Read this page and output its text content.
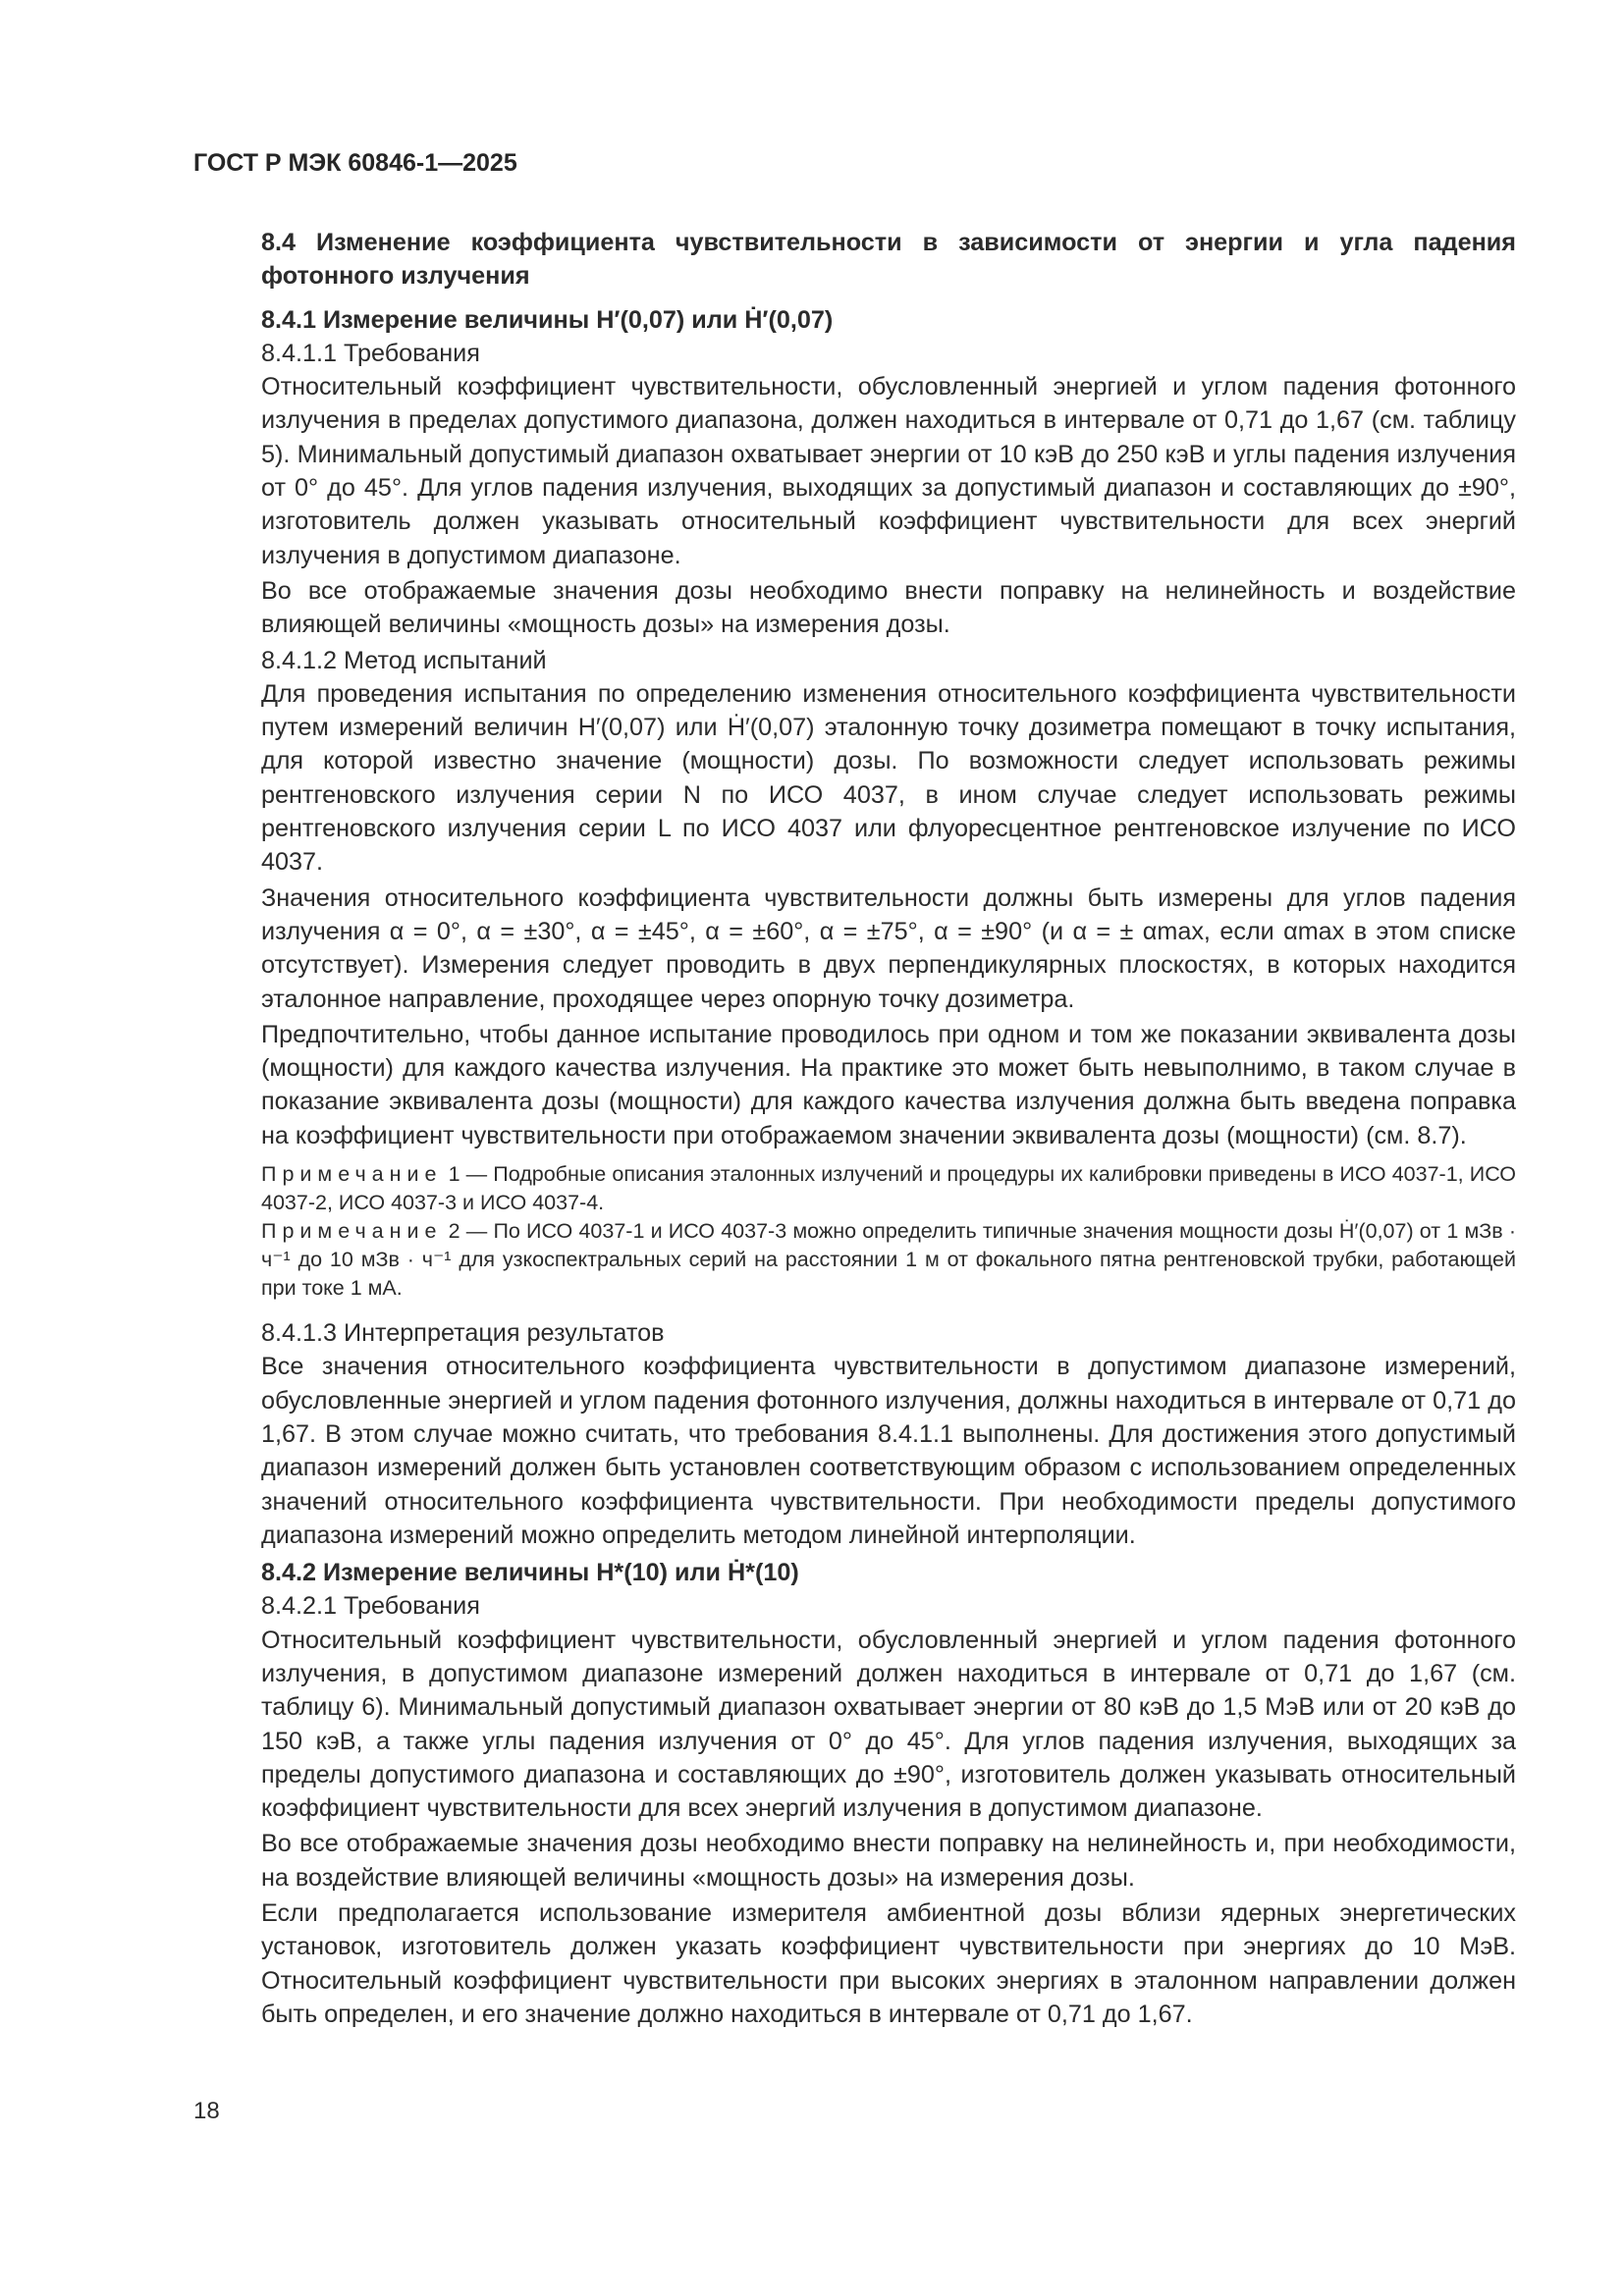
ГОСТ Р МЭК 60846-1—2025

8.4 Изменение коэффициента чувствительности в зависимости от энергии и угла падения фотонного излучения

8.4.1 Измерение величины H′(0,07) или Ḣ′(0,07)

8.4.1.1 Требования

Относительный коэффициент чувствительности, обусловленный энергией и углом падения фотонного излучения в пределах допустимого диапазона, должен находиться в интервале от 0,71 до 1,67 (см. таблицу 5). Минимальный допустимый диапазон охватывает энергии от 10 кэВ до 250 кэВ и углы падения излучения от 0° до 45°. Для углов падения излучения, выходящих за допустимый диапазон и составляющих до ±90°, изготовитель должен указывать относительный коэффициент чувствительности для всех энергий излучения в допустимом диапазоне.

Во все отображаемые значения дозы необходимо внести поправку на нелинейность и воздействие влияющей величины «мощность дозы» на измерения дозы.

8.4.1.2 Метод испытаний

Для проведения испытания по определению изменения относительного коэффициента чувствительности путем измерений величин H′(0,07) или Ḣ′(0,07) эталонную точку дозиметра помещают в точку испытания, для которой известно значение (мощности) дозы. По возможности следует использовать режимы рентгеновского излучения серии N по ИСО 4037, в ином случае следует использовать режимы рентгеновского излучения серии L по ИСО 4037 или флуоресцентное рентгеновское излучение по ИСО 4037.

Значения относительного коэффициента чувствительности должны быть измерены для углов падения излучения α = 0°, α = ±30°, α = ±45°, α = ±60°, α = ±75°, α = ±90° (и α = ± αmax, если αmax в этом списке отсутствует). Измерения следует проводить в двух перпендикулярных плоскостях, в которых находится эталонное направление, проходящее через опорную точку дозиметра.

Предпочтительно, чтобы данное испытание проводилось при одном и том же показании эквивалента дозы (мощности) для каждого качества излучения. На практике это может быть невыполнимо, в таком случае в показание эквивалента дозы (мощности) для каждого качества излучения должна быть введена поправка на коэффициент чувствительности при отображаемом значении эквивалента дозы (мощности) (см. 8.7).

Примечание 1 — Подробные описания эталонных излучений и процедуры их калибровки приведены в ИСО 4037-1, ИСО 4037-2, ИСО 4037-3 и ИСО 4037-4.

Примечание 2 — По ИСО 4037-1 и ИСО 4037-3 можно определить типичные значения мощности дозы Ḣ′(0,07) от 1 мЗв · ч⁻¹ до 10 мЗв · ч⁻¹ для узкоспектральных серий на расстоянии 1 м от фокального пятна рентгеновской трубки, работающей при токе 1 мА.

8.4.1.3 Интерпретация результатов

Все значения относительного коэффициента чувствительности в допустимом диапазоне измерений, обусловленные энергией и углом падения фотонного излучения, должны находиться в интервале от 0,71 до 1,67. В этом случае можно считать, что требования 8.4.1.1 выполнены. Для достижения этого допустимый диапазон измерений должен быть установлен соответствующим образом с использованием определенных значений относительного коэффициента чувствительности. При необходимости пределы допустимого диапазона измерений можно определить методом линейной интерполяции.

8.4.2 Измерение величины H*(10) или Ḣ*(10)

8.4.2.1 Требования

Относительный коэффициент чувствительности, обусловленный энергией и углом падения фотонного излучения, в допустимом диапазоне измерений должен находиться в интервале от 0,71 до 1,67 (см. таблицу 6). Минимальный допустимый диапазон охватывает энергии от 80 кэВ до 1,5 МэВ или от 20 кэВ до 150 кэВ, а также углы падения излучения от 0° до 45°. Для углов падения излучения, выходящих за пределы допустимого диапазона и составляющих до ±90°, изготовитель должен указывать относительный коэффициент чувствительности для всех энергий излучения в допустимом диапазоне.

Во все отображаемые значения дозы необходимо внести поправку на нелинейность и, при необходимости, на воздействие влияющей величины «мощность дозы» на измерения дозы.

Если предполагается использование измерителя амбиентной дозы вблизи ядерных энергетических установок, изготовитель должен указать коэффициент чувствительности при энергиях до 10 МэВ. Относительный коэффициент чувствительности при высоких энергиях в эталонном направлении должен быть определен, и его значение должно находиться в интервале от 0,71 до 1,67.

18
